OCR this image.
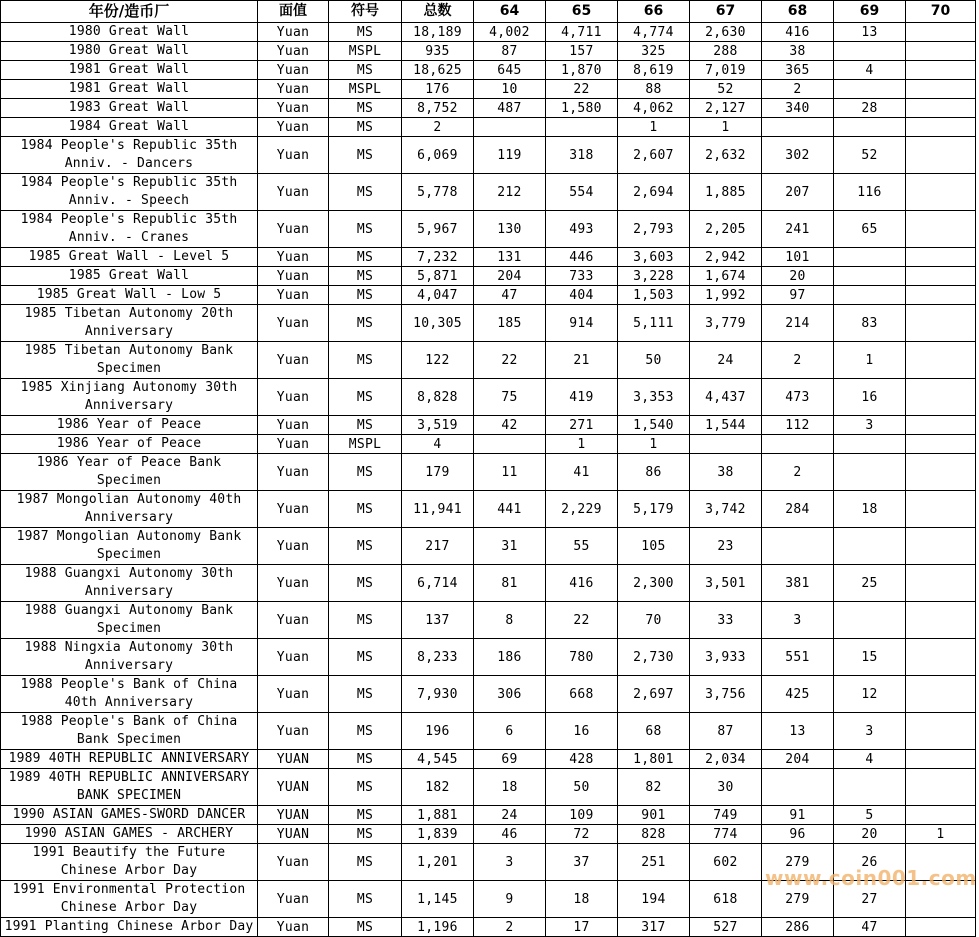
年份/造币厂	面值	符号	总数	64	65	66	67	68	69	70
1980 Great Wall	Yuan	MS	18,189	4,002	4,711	4,774	2,630	416	13	
1980 Great Wall	Yuan	MSPL	935	87	157	325	288	38		
1981 Great Wall	Yuan	MS	18,625	645	1,870	8,619	7,019	365	4	
1981 Great Wall	Yuan	MSPL	176	10	22	88	52	2		
1983 Great Wall	Yuan	MS	8,752	487	1,580	4,062	2,127	340	28	
1984 Great Wall	Yuan	MS	2			1	1			
1984 People's Republic 35th Anniv. - Dancers	Yuan	MS	6,069	119	318	2,607	2,632	302	52	
1984 People's Republic 35th Anniv. - Speech	Yuan	MS	5,778	212	554	2,694	1,885	207	116	
1984 People's Republic 35th Anniv. - Cranes	Yuan	MS	5,967	130	493	2,793	2,205	241	65	
1985 Great Wall - Level 5	Yuan	MS	7,232	131	446	3,603	2,942	101		
1985 Great Wall	Yuan	MS	5,871	204	733	3,228	1,674	20		
1985 Great Wall - Low 5	Yuan	MS	4,047	47	404	1,503	1,992	97		
1985 Tibetan Autonomy 20th Anniversary	Yuan	MS	10,305	185	914	5,111	3,779	214	83	
1985 Tibetan Autonomy Bank Specimen	Yuan	MS	122	22	21	50	24	2	1	
1985 Xinjiang Autonomy 30th Anniversary	Yuan	MS	8,828	75	419	3,353	4,437	473	16	
1986 Year of Peace	Yuan	MS	3,519	42	271	1,540	1,544	112	3	
1986 Year of Peace	Yuan	MSPL	4		1	1				
1986 Year of Peace Bank Specimen	Yuan	MS	179	11	41	86	38	2		
1987 Mongolian Autonomy 40th Anniversary	Yuan	MS	11,941	441	2,229	5,179	3,742	284	18	
1987 Mongolian Autonomy Bank Specimen	Yuan	MS	217	31	55	105	23			
1988 Guangxi Autonomy 30th Anniversary	Yuan	MS	6,714	81	416	2,300	3,501	381	25	
1988 Guangxi Autonomy Bank Specimen	Yuan	MS	137	8	22	70	33	3		
1988 Ningxia Autonomy 30th Anniversary	Yuan	MS	8,233	186	780	2,730	3,933	551	15	
1988 People's Bank of China 40th Anniversary	Yuan	MS	7,930	306	668	2,697	3,756	425	12	
1988 People's Bank of China Bank Specimen	Yuan	MS	196	6	16	68	87	13	3	
1989 40TH REPUBLIC ANNIVERSARY	YUAN	MS	4,545	69	428	1,801	2,034	204	4	
1989 40TH REPUBLIC ANNIVERSARY BANK SPECIMEN	YUAN	MS	182	18	50	82	30			
1990 ASIAN GAMES-SWORD DANCER	YUAN	MS	1,881	24	109	901	749	91	5	
1990 ASIAN GAMES - ARCHERY	YUAN	MS	1,839	46	72	828	774	96	20	1
1991 Beautify the Future Chinese Arbor Day	Yuan	MS	1,201	3	37	251	602	279	26	
1991 Environmental Protection Chinese Arbor Day	Yuan	MS	1,145	9	18	194	618	279	27	
1991 Planting Chinese Arbor Day	Yuan	MS	1,196	2	17	317	527	286	47	
www.coin001.com
